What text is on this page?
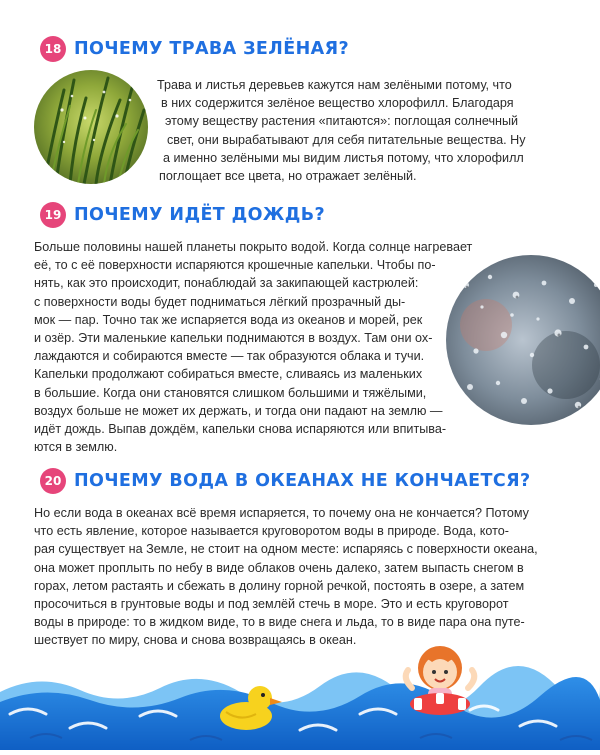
18 ПОЧЕМУ ТРАВА ЗЕЛЁНАЯ?
Трава и листья деревьев кажутся нам зелёными потому, что
в них содержится зелёное вещество хлорофилл. Благодаря
этому веществу растения «питаются»: поглощая солнечный
свет, они вырабатывают для себя питательные вещества. Ну
а именно зелёными мы видим листья потому, что хлорофилл
поглощает все цвета, но отражает зелёный.
19 ПОЧЕМУ ИДЁТ ДОЖДЬ?
Больше половины нашей планеты покрыто водой. Когда солнце нагревает
её, то с её поверхности испаряются крошечные капельки. Чтобы по-
нять, как это происходит, понаблюдай за закипающей кастрюлей:
с поверхности воды будет подниматься лёгкий прозрачный ды-
мок — пар. Точно так же испаряется вода из океанов и морей, рек
и озёр. Эти маленькие капельки поднимаются в воздух. Там они ох-
лаждаются и собираются вместе — так образуются облака и тучи.
Капельки продолжают собираться вместе, сливаясь из маленьких
в большие. Когда они становятся слишком большими и тяжёлыми,
воздух больше не может их держать, и тогда они падают на землю —
идёт дождь. Выпав дождём, капельки снова испаряются или впитыва-
ются в землю.
20 ПОЧЕМУ ВОДА В ОКЕАНАХ НЕ КОНЧАЕТСЯ?
Но если вода в океанах всё время испаряется, то почему она не кончается? Потому
что есть явление, которое называется круговоротом воды в природе. Вода, кото-
рая существует на Земле, не стоит на одном месте: испаряясь с поверхности океана,
она может проплыть по небу в виде облаков очень далеко, затем выпасть снегом в
горах, летом растаять и сбежать в долину горной речкой, постоять в озере, а затем
просочиться в грунтовые воды и под землёй стечь в море. Это и есть круговорот
воды в природе: то в жидком виде, то в виде снега и льда, то в виде пара она путе-
шествует по миру, снова и снова возвращаясь в океан.
